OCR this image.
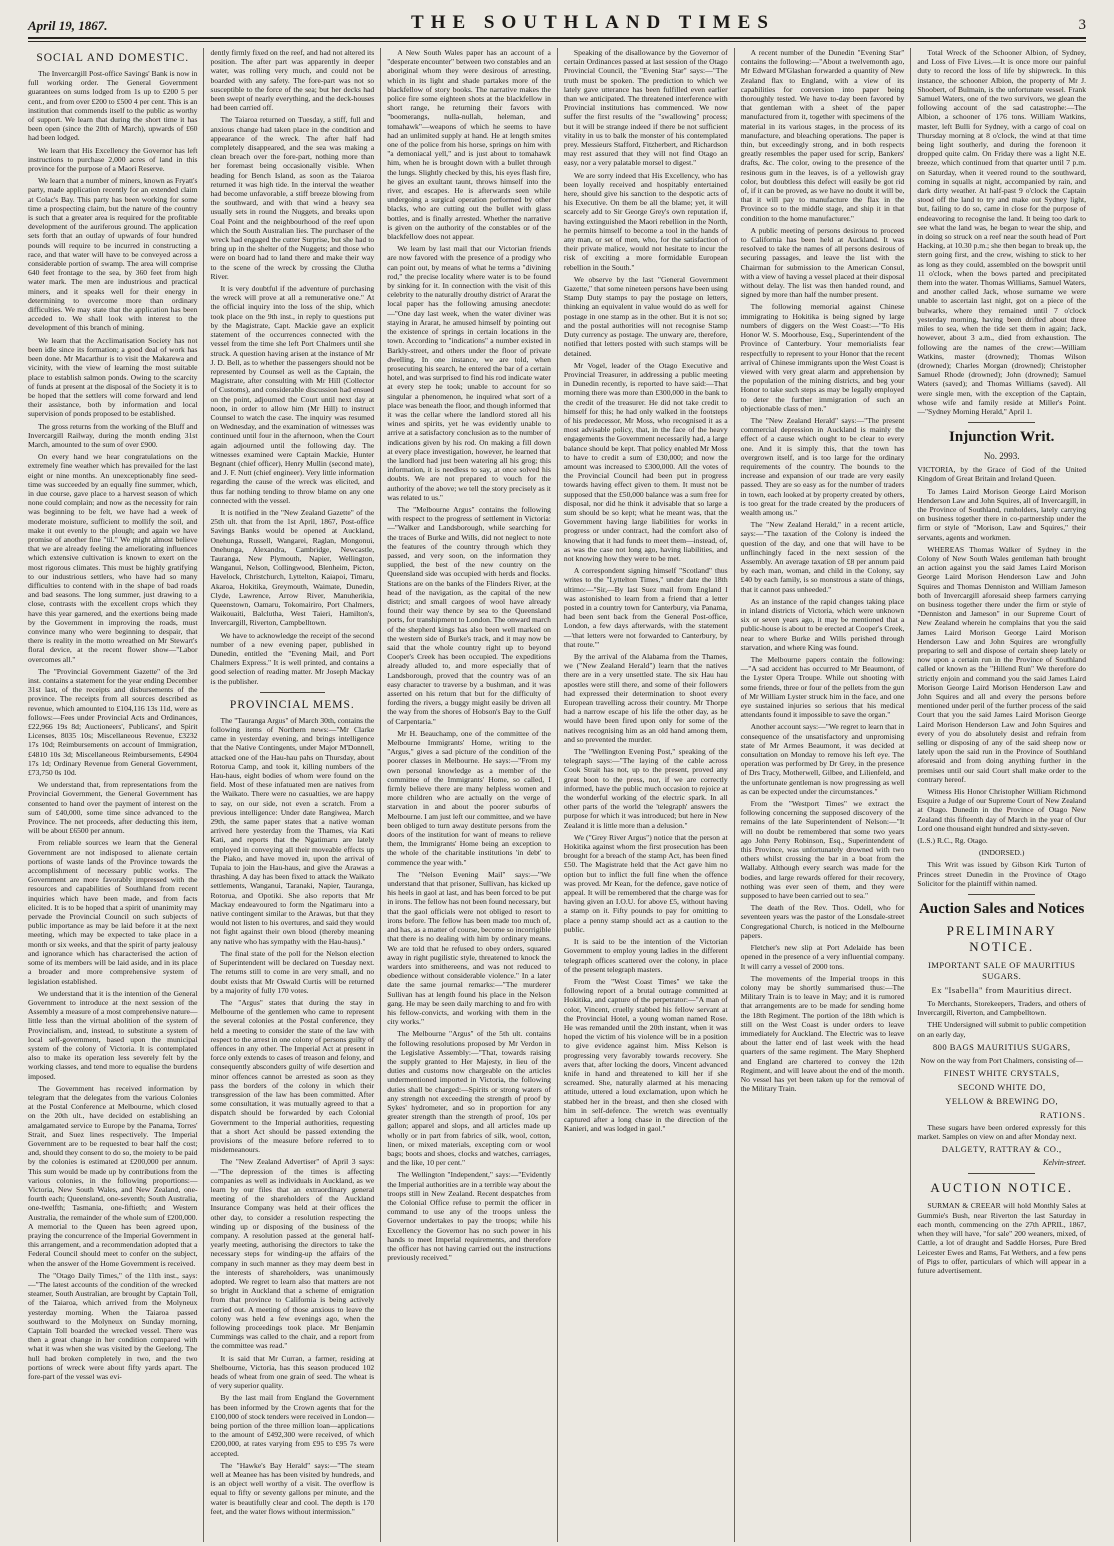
April 19, 1867.	THE SOUTHLAND TIMES	3
SOCIAL AND DOMESTIC.

The Invercargill Post-office Savings' Bank is now in full working order. The General Government guarantees on sums lodged from 1s up to £200 5 per cent., and from over £200 to £500 4 per cent. This is an institution that commends itself to the public as worthy of support. We learn that during the short time it has been open (since the 20th of March), upwards of £60 had been lodged.

We learn that His Excellency the Governor has left instructions to purchase 2,000 acres of land in this province for the purpose of a Maori Reserve.

We learn that a number of miners, known as Fryatt's party, made application recently for an extended claim at Colac's Bay. This party has been working for some time a prospecting claim, but the nature of the country is such that a greater area is required for the profitable development of the auriferous ground. The application sets forth that an outlay of upwards of four hundred pounds will require to be incurred in constructing a race, and that water will have to be conveyed across a considerable portion of swamp. The area will comprise 640 feet frontage to the sea, by 360 feet from high water mark. The men are industrious and practical miners, and it speaks well for their energy in determining to overcome more than ordinary difficulties. We may state that the application has been acceded to. We shall look with interest to the development of this branch of mining.

We learn that the Acclimatisation Society has not been idle since its formation; a good deal of work has been done. Mr Macarthur is to visit the Makarewa and vicinity, with the view of learning the most suitable place to establish salmon ponds. Owing to the scarcity of funds at present at the disposal of the Society it is to be hoped that the settlers will come forward and lend their assistance, both by information and local supervision of ponds proposed to be established.

The gross returns from the working of the Bluff and Invercargill Railway, during the month ending 31st March, amounted to the sum of over £900.

On every hand we hear congratulations on the extremely fine weather which has prevailed for the last eight or nine months. An unexceptionably fine seed-time was succeeded by an equally fine summer, which, in due course, gave place to a harvest season of which none could complain; and now as the necessity for rain was beginning to be felt, we have had a week of moderate moisture, sufficient to mollify the soil, and make it out evenly to the plough; and again we have promise of another fine "til." We might almost believe that we are already feeling the ameliorating influences which extensive cultivation is known to exert on the most rigorous climates. This must be highly gratifying to our industrious settlers, who have had so many difficulties to contend with in the shape of bad roads and bad seasons. The long summer, just drawing to a close, contrasts with the excellent crops which they have this year garnered, and the exertions being made by the Government in improving the roads, must convince many who were beginning to despair, that there is reality in the motto wreathed on Mr Stewart's floral device, at the recent flower show—"Labor overcomes all."

The "Provincial Government Gazette" of the 3rd inst. contains a statement for the year ending December 31st last, of the receipts and disbursements of the province. The receipts from all sources described as revenue, which amounted to £104,116 13s 11d, were as follows:—Fees under Provincial Acts and Ordinances, £22,966 19s 8d; Auctioneers', Publicans', and Spirit Licenses, 8035 10s; Miscellaneous Revenue, £3232 17s 10d; Reimbursements on account of Immigration, £4810 10s 3d; Miscellaneous Reimbursements, £4904 17s 1d; Ordinary Revenue from General Government, £73,750 0s 10d.

We understand that, from representations from the Provincial Government, the General Government has consented to hand over the payment of interest on the sum of £40,000, some time since advanced to the Province. The net proceeds, after deducting this item, will be about £6500 per annum.

From reliable sources we learn that the General Government are not indisposed to alienate certain portions of waste lands of the Province towards the accomplishment of necessary public works. The Government are more favorably impressed with the resources and capabilities of Southland from recent inquiries which have been made, and from facts elicited. It is to be hoped that a spirit of unanimity may pervade the Provincial Council on such subjects of public importance as may be laid before it at the next meeting, which may be expected to take place in a month or six weeks, and that the spirit of party jealousy and ignorance which has characterised the action of some of its members will be laid aside, and in its place a broader and more comprehensive system of legislation established.

We understand that it is the intention of the General Government to introduce at the next session of the Assembly a measure of a most comprehensive nature—little less than the virtual abolition of the system of Provincialism, and, instead, to substitute a system of local self-government, based upon the municipal system of the colony of Victoria. It is contemplated also to make its operation less severely felt by the working classes, and tend more to equalise the burdens imposed.

The Government has received information by telegram that the delegates from the various Colonies at the Postal Conference at Melbourne, which closed on the 20th ult., have decided on establishing an amalgamated service to Europe by the Panama, Torres' Strait, and Suez lines respectively. The Imperial Government are to be requested to bear half the cost; and, should they consent to do so, the moiety to be paid by the colonies is estimated at £200,000 per annum. This sum would be made up by contributions from the various colonies, in the following proportions:—Victoria, New South Wales, and New Zealand, one-fourth each; Queensland, one-seventh; South Australia, one-twelfth; Tasmania, one-fiftieth; and Western Australia, the remainder of the whole sum of £200,000. A memorial to the Queen has been agreed upon, praying the concurrence of the Imperial Government in this arrangement, and a recommendation adopted that a Federal Council should meet to confer on the subject, when the answer of the Home Government is received.

The "Otago Daily Times," of the 11th inst., says:—"The latest accounts of the condition of the wrecked steamer, South Australian, are brought by Captain Toll, of the Taiaroa, which arrived from the Molyneux yesterday morning. When the Taiaroa passed southward to the Molyneux on Sunday morning, Captain Toll boarded the wrecked vessel. There was then a great change in her condition compared with what it was when she was visited by the Geelong. The hull had broken completely in two, and the two portions of wreck were about fifty yards apart. The fore-part of the vessel was evi-

dently firmly fixed on the reef, and had not altered its position. The after part was apparently in deeper water, was rolling very much, and could not be boarded with any safety. The fore-part was not so susceptible to the force of the sea; but her decks had been swept of nearly everything, and the deck-houses had been carried off.

The Taiaroa returned on Tuesday, a stiff, full and anxious change had taken place in the condition and appearance of the wreck. The after half had completely disappeared, and the sea was making a clean breach over the fore-part, nothing more than her foremast being occasionally visible. When heading for Bench Island, as soon as the Taiaroa returned it was high tide. In the interval the weather had become unfavorable, a stiff breeze blowing from the southward, and with that wind a heavy sea usually sets in round the Nuggets, and breaks upon Coal Point and the neighbourhood of the reef upon which the South Australian lies. The purchaser of the wreck had engaged the cutter Surprise, but she had to bring up in the shelter of the Nuggets; and those who were on board had to land there and make their way to the scene of the wreck by crossing the Clutha River.

It is very doubtful if the adventure of purchasing the wreck will prove at all a remunerative one." At the official inquiry into the loss of the ship, which took place on the 9th inst., in reply to questions put by the Magistrate, Capt. Mackie gave an explicit statement of the occurrences connected with the vessel from the time she left Port Chalmers until she struck. A question having arisen at the instance of Mr J. D. Bell, as to whether the passengers should not be represented by Counsel as well as the Captain, the Magistrate, after consulting with Mr Hill (Collector of Customs), and considerable discussion had ensued on the point, adjourned the Court until next day at noon, in order to allow him (Mr Hill) to instruct Counsel to watch the case. The inquiry was resumed on Wednesday, and the examination of witnesses was continued until four in the afternoon, when the Court again adjourned until the following day. The witnesses examined were Captain Mackie, Hunter Begnant (chief officer), Henry Mullin (second mate), and J. F. Nutt (chief engineer). Very little information regarding the cause of the wreck was elicited, and thus far nothing tending to throw blame on any one connected with the vessel.

It is notified in the "New Zealand Gazette" of the 25th ult. that from the 1st April, 1867, Post-office Savings Banks would be opened at Auckland, Onehunga, Russell, Wangarei, Raglan, Mongonui, Onehunga, Alexandra, Cambridge, Newcastle, Tauranga, New Plymouth, Napier, Wellington, Wanganui, Nelson, Collingwood, Blenheim, Picton, Havelock, Christchurch, Lyttelton, Kaiapoi, Timaru, Akaroa, Hokitika, Greymouth, Waimate, Dunedin, Clyde, Lawrence, Arrow River, Manuherikia, Queenstown, Oamaru, Tokomairiro, Port Chalmers, Waikouaiti, Balclutha, West Taieri, Hamilton's, Invercargill, Riverton, Campbelltown.

We have to acknowledge the receipt of the second number of a new evening paper, published in Dunedin, entitled the "Evening Mail, and Port Chalmers Express." It is well printed, and contains a good selection of reading matter. Mr Joseph Mackay is the publisher.

PROVINCIAL MEMS.

The "Tauranga Argus" of March 30th, contains the following items of Northern news:—"Mr Clarke came in yesterday evening, and brings intelligence that the Native Contingents, under Major M'Donnell, attacked one of the Hau-hau pahs on Thursday, about Rotorua Camp, and took it, killing numbers of the Hau-haus, eight bodies of whom were found on the field. Most of these infatuated men are natives from the Waikato. There were no casualties, we are happy to say, on our side, not even a scratch. From a previous intelligence: Under date Rangiwea, March 29th, the same paper states that a native woman arrived here yesterday from the Thames, via Kati Kati, and reports that the Ngatimaru are lately employed in conveying all their moveable effects up the Piako, and have moved in, upon the arrival of Tupaia to join the Hau-haus, and give the Arawas a thrashing. A day has been fixed to attack the Waikato settlements, Wanganui, Taranaki, Napier, Tauranga, Rotorua, and Opotiki. She also reports that Mr Mackay endeavoured to form the Ngatimaru into a native contingent similar to the Arawas, but that they would not listen to his overtures, and said they would not fight against their own blood (thereby meaning any native who has sympathy with the Hau-haus)."

The final state of the poll for the Nelson election of Superintendent will be declared on Tuesday next. The returns still to come in are very small, and no doubt exists that Mr Oswald Curtis will be returned by a majority of fully 170 votes.

The "Argus" states that during the stay in Melbourne of the gentlemen who came to represent the several colonies at the Postal conference, they held a meeting to consider the state of the law with respect to the arrest in one colony of persons guilty of offences in any other. The Imperial Act at present in force only extends to cases of treason and felony, and consequently absconders guilty of wife desertion and minor offences cannot be arrested as soon as they pass the borders of the colony in which their transgression of the law has been committed. After some consultation, it was mutually agreed to that a dispatch should be forwarded by each Colonial Government to the Imperial authorities, requesting that a short Act should be passed extending the provisions of the measure before referred to to misdemeanours.

The "New Zealand Advertiser" of April 3 says:—"The depression of the times is affecting companies as well as individuals in Auckland, as we learn by our files that an extraordinary general meeting of the shareholders of the Auckland Insurance Company was held at their offices the other day, to consider a resolution respecting the winding up or disposing of the business of the company. A resolution passed at the general half-yearly meeting, authorising the directors to take the necessary steps for winding-up the affairs of the company in such manner as they may deem best in the interests of shareholders, was unanimously adopted. We regret to learn also that matters are not so bright in Auckland that a scheme of emigration from that province to California is being actively carried out. A meeting of those anxious to leave the colony was held a few evenings ago, when the following proceedings took place. Mr Benjamin Cummings was called to the chair, and a report from the committee was read."

It is said that Mr Curran, a farmer, residing at Shelbourne, Victoria, has this season produced 102 heads of wheat from one grain of seed. The wheat is of very superior quality.

By the last mail from England the Government has been informed by the Crown agents that for the £100,000 of stock tenders were received in London—being portion of the three million loan—applications to the amount of £492,300 were received, of which £200,000, at rates varying from £95 to £95 7s were accepted.

The "Hawke's Bay Herald" says:—"The steam well at Meanee has has been visited by hundreds, and is an object well worthy of a visit. The overflow is equal to fifty or seventy gallons per minute, and the water is beautifully clear and cool. The depth is 170 feet, and the water flows without intermission."

A New South Wales paper has an account of a "desperate encounter" between two constables and an aboriginal whom they were desirous of arresting, which in its light and shade partakes more of the blackfellow of story books. The narrative makes the police fire some eighteen shots at the blackfellow in short range, he returning their favors with "boomerangs, nulla-nullah, heleman, and tomahawk"—weapons of which he seems to have had an unlimited supply at hand. He at length smites one of the police from his horse, springs on him with "a demoniacal yell," and is just about to tomahawk him, when he is brought down with a bullet through the lungs. Slightly checked by this, his eyes flash fire, he gives an exultant taunt, throws himself into the river, and escapes. He is afterwards seen while undergoing a surgical operation performed by other blacks, who are cutting out the bullet with glass bottles, and is finally arrested. Whether the narrative is given on the authority of the constables or of the blackfellow does not appear.

We learn by last mail that our Victorian friends are now favored with the presence of a prodigy who can point out, by means of what he terms a "divining rod," the precise locality where water is to be found by sinking for it. In connection with the visit of this celebrity to the naturally drouthy district of Ararat the local paper has the following amusing anecdote:—"One day last week, when the water diviner was staying in Ararat, he amused himself by pointing out the existence of springs in certain locations in the town. According to "indications" a number existed in Barkly-street, and others under the floor of private dwelling. In one instance, we are told, when prosecuting his search, he entered the bar of a certain hotel, and was surprised to find his rod indicate water at every step he took; unable to account for so singular a phenomenon, he inquired what sort of a place was beneath the floor, and though informed that it was the cellar where the landlord stored all his wines and spirits, yet he was evidently unable to arrive at a satisfactory conclusion as to the number of indications given by his rod. On making a fill down at every place investigation, however, he learned that the landlord had just been watering all his grog; this information, it is needless to say, at once solved his doubts. We are not prepared to vouch for the authority of the above; we tell the story precisely as it was related to us."

The "Melbourne Argus" contains the following with respect to the progress of settlement in Victoria:—"Walker and Landsborough, while searching for the traces of Burke and Wills, did not neglect to note the features of the country through which they passed, and very soon, on the information they supplied, the best of the new country on the Queensland side was occupied with herds and flocks. Stations are on the banks of the Flinders River, at the head of the navigation, as the capital of the new district; and small cargoes of wool have already found their way thence by sea to the Queensland ports, for transhipment to London. The onward march of the shepherd kings has also been well marked on the western side of Burke's track, and it may now be said that the whole country right up to beyond Cooper's Creek has been occupied. The expeditions already alluded to, and more especially that of Landsborough, proved that the country was of an easy character to traverse by a bushman, and it was asserted on his return that but for the difficulty of fording the rivers, a buggy might easily be driven all the way from the shores of Hobson's Bay to the Gulf of Carpentaria."

Mr H. Beauchamp, one of the committee of the Melbourne Immigrants' Home, writing to the "Argus," gives a sad picture of the condition of the poorer classes in Melbourne. He says:—"From my own personal knowledge as a member of the committee of the Immigrants' Home, so called, I firmly believe there are many helpless women and more children who are actually on the verge of starvation in and about the poorer suburbs of Melbourne. I am just left our committee, and we have been obliged to turn away destitute persons from the doors of the institution for want of means to relieve them, the Immigrants' Home being an exception to the whole of the charitable institutions 'in debt' to commence the year with."

The "Nelson Evening Mail" says:—"We understand that that prisoner, Sullivan, has kicked up his heels in gaol at last, and has been forced to be put in irons. The fellow has not been found necessary, but that the gaol officials were not obliged to resort to irons before. The fellow has been made too much of, and has, as a matter of course, become so incorrigible that there is no dealing with him by ordinary means. We are told that he refused to obey orders, squared away in right pugilistic style, threatened to knock the warders into smithereens, and was not reduced to obedience without considerable violence." In a later date the same journal remarks:—"The murderer Sullivan has at length found his place in the Nelson gang. He may be seen daily marching to and fro with his fellow-convicts, and working with them in the city works."

The Melbourne "Argus" of the 5th ult. contains the following resolutions proposed by Mr Verdon in the Legislative Assembly:—"That, towards raising the supply granted to Her Majesty, in lieu of the duties and customs now chargeable on the articles undermentioned imported in Victoria, the following duties shall be charged:—Spirits or strong waters of any strength not exceeding the strength of proof by Sykes' hydrometer, and so in proportion for any greater strength than the strength of proof, 10s per gallon; apparel and slops, and all articles made up wholly or in part from fabrics of silk, wool, cotton, linen, or mixed materials, excepting corn or wool bags; boots and shoes, clocks and watches, carriages, and the like, 10 per cent."

The Wellington "Independent," says:—"Evidently the Imperial authorities are in a terrible way about the troops still in New Zealand. Recent despatches from the Colonial Office refuse to permit the officer in command to use any of the troops unless the Governor undertakes to pay the troops; while his Excellency the Governor has no such power in his hands to meet Imperial requirements, and therefore the officer has not having carried out the instructions previously received."

Speaking of the disallowance by the Governor of certain Ordinances passed at last session of the Otago Provincial Council, the "Evening Star" says:—"The truth must be spoken. The prediction to which we lately gave utterance has been fulfilled even earlier than we anticipated. The threatened interference with Provincial institutions has commenced. We now suffer the first results of the "swallowing" process; but it will be strange indeed if there be not sufficient vitality in us to balk the monster of his contemplated prey. Messieurs Stafford, Fitzherbert, and Richardson may rest assured that they will not find Otago an easy, nor a very palatable morsel to digest."

We are sorry indeed that His Excellency, who has been loyally received and hospitably entertained here, should give his sanction to the despotic acts of his Executive. On them be all the blame; yet, it will scarcely add to Sir George Grey's own reputation if, having extinguished the Maori rebellion in the North, he permits himself to become a tool in the hands of any man, or set of men, who, for the satisfaction of their private malice, would not hesitate to incur the risk of exciting a more formidable European rebellion in the South."

We observe by the last "General Government Gazette," that some nineteen persons have been using Stamp Duty stamps to pay the postage on letters, thinking an equivalent in value would do as well for postage in one stamp as in the other. But it is not so; and the postal authorities will not recognise Stamp Duty currency as postage. The unwary are, therefore, notified that letters posted with such stamps will be detained.

Mr Vogel, leader of the Otago Executive and Provincial Treasurer, in addressing a public meeting in Dunedin recently, is reported to have said:—That morning there was more than £300,000 in the bank to the credit of the treasurer. He did not take credit to himself for this; he had only walked in the footsteps of his predecessor, Mr Moss, who recognised it as a most advisable policy, that, in the face of the heavy engagements the Government necessarily had, a large balance should be kept. That policy enabled Mr Moss to have to credit a sum of £30,000; and now the amount was increased to £300,000. All the votes of the Provincial Council had been put in progress towards having effect given to them. It must not be supposed that the £50,000 balance was a sum free for disposal, nor did he think it advisable that so large a sum should be so kept; what he meant was, that the Government having large liabilities for works in progress or under contract, had the comfort also of knowing that it had funds to meet them—instead, of, as was the case not long ago, having liabilities, and not knowing how they were to be met.

A correspondent signing himself "Scotland" thus writes to the "Lyttelton Times," under date the 18th ultimo:—"Sir,—By last Suez mail from England I was astonished to learn from a friend that a letter posted in a country town for Canterbury, via Panama, had been sent back from the General Post-office, London, a few days afterwards, with the statement—'that letters were not forwarded to Canterbury, by that route.'"

By the arrival of the Alabama from the Thames, we ("New Zealand Herald") learn that the natives there are in a very unsettled state. The six Hau hau apostles were still there, and some of their followers had expressed their determination to shoot every European travelling across their country. Mr Thorpe had a narrow escape of his life the other day, as he would have been fired upon only for some of the natives recognising him as an old hand among them, and so prevented the murder.

The "Wellington Evening Post," speaking of the telegraph says:—"The laying of the cable across Cook Strait has not, up to the present, proved any great boon to the press, nor, if we are correctly informed, have the public much occasion to rejoice at the wonderful working of the electric spark. In all other parts of the world the 'telegraph' answers the purpose for which it was introduced; but here in New Zealand it is little more than a delusion."

We ("Grey River Argus") notice that the person at Hokitika against whom the first prosecution has been brought for a breach of the stamp Act, has been fined £50. The Magistrate held that the Act gave him no option but to inflict the full fine when the offence was proved. Mr Kean, for the defence, gave notice of appeal. It will be remembered that the charge was for having given an I.O.U. for above £5, without having a stamp on it. Fifty pounds to pay for omitting to place a penny stamp should act as a caution to the public.

It is said to be the intention of the Victorian Government to employ young ladies in the different telegraph offices scattered over the colony, in place of the present telegraph masters.

From the "West Coast Times" we take the following report of a brutal outrage committed at Hokitika, and capture of the perpetrator:—"A man of color, Vincent, cruelly stabbed his fellow servant at the Provincial Hotel, a young woman named Rose. He was remanded until the 20th instant, when it was hoped the victim of his violence will be in a position to give evidence against him. Miss Kelson is progressing very favorably towards recovery. She avers that, after locking the doors, Vincent advanced knife in hand and threatened to kill her if she screamed. She, naturally alarmed at his menacing attitude, uttered a loud exclamation, upon which he stabbed her in the breast, and then she closed with him in self-defence. The wretch was eventually captured after a long chase in the direction of the Kanieri, and was lodged in gaol."

A recent number of the Dunedin "Evening Star" contains the following:—"About a twelvemonth ago, Mr Edward M'Glashan forwarded a quantity of New Zealand flax to England, with a view of its capabilities for conversion into paper being thoroughly tested. We have to-day been favored by that gentleman with a sheet of the paper manufactured from it, together with specimens of the material in its various stages, in the process of its manufacture, and bleaching operations. The paper is thin, but exceedingly strong, and in both respects greatly resembles the paper used for scrip, Bankers' drafts, &c. The color, owing to the presence of the resinous gum in the leaves, is of a yellowish gray color, but doubtless this defect will easily be got rid of, if it can be proved, as we have no doubt it will be, that it will pay to manufacture the flax in the Province so to the middle stage, and ship it in that condition to the home manufacturer."

A public meeting of persons desirous to proceed to California has been held at Auckland. It was resolved to take the names of all persons desirous of securing passages, and leave the list with the Chairman for submission to the American Consul, with a view of having a vessel placed at their disposal without delay. The list was then handed round, and signed by more than half the number present.

The following memorial against Chinese immigrating to Hokitika is being signed by large numbers of diggers on the West Coast:—"To His Honor W. S. Moorhouse, Esq., Superintendent of the Province of Canterbury. Your memorialists fear respectfully to represent to your Honor that the recent arrival of Chinese immigrants upon the West Coast is viewed with very great alarm and apprehension by the population of the mining districts, and beg your Honor to take such steps as may be legally employed to deter the further immigration of such an objectionable class of men."

The "New Zealand Herald" says:—"The present commercial depression in Auckland is mainly the effect of a cause which ought to be clear to every one. And it is simply this, that the town has overgrown itself, and is too large for the ordinary requirements of the country. The bounds to the increase and expansion of our trade are very easily passed. They are so easy as for the number of traders in town, each looked at by property created by others, is too great for the trade created by the producers of wealth among us."

The "New Zealand Herald," in a recent article, says:—"The taxation of the Colony is indeed the question of the day, and one that will have to be unflinchingly faced in the next session of the Assembly. An average taxation of £8 per annum paid by each man, woman, and child in the Colony, say £40 by each family, is so monstrous a state of things, that it cannot pass unheeded."

As an instance of the rapid changes taking place in inland districts of Victoria, which were unknown six or seven years ago, it may be mentioned that a public-house is about to be erected at Cooper's Creek, near to where Burke and Wills perished through starvation, and where King was found.

The Melbourne papers contain the following:—"A sad accident has occurred to Mr Beaumont, of the Lyster Opera Troupe. While out shooting with some friends, three or four of the pellets from the gun of Mr William Lyster struck him in the face, and one eye sustained injuries so serious that his medical attendants found it impossible to save the organ."

Another account says:—"We regret to learn that in consequence of the unsatisfactory and unpromising state of Mr Armes Beaumont, it was decided at consultation on Monday to remove his left eye. The operation was performed by Dr Grey, in the presence of Drs Tracy, Motherwell, Gilbee, and Lilienfeld, and the unfortunate gentleman is now progressing as well as can be expected under the circumstances."

From the "Westport Times" we extract the following concerning the supposed discovery of the remains of the late Superintendent of Nelson:—"It will no doubt be remembered that some two years ago John Perry Robinson, Esq., Superintendent of this Province, was unfortunately drowned with two others whilst crossing the bar in a boat from the Wallaby. Although every search was made for the bodies, and large rewards offered for their recovery, nothing was ever seen of them, and they were supposed to have been carried out to sea."

The death of the Rev. Thos. Odell, who for seventeen years was the pastor of the Lonsdale-street Congregational Church, is noticed in the Melbourne papers.

Fletcher's new slip at Port Adelaide has been opened in the presence of a very influential company. It will carry a vessel of 2000 tons.

The movements of the Imperial troops in this colony may be shortly summarised thus:—The Military Train is to leave in May; and it is rumored that arrangements are to be made for sending home the 18th Regiment. The portion of the 18th which is still on the West Coast is under orders to leave immediately for Auckland. The Electric was to leave about the latter end of last week with the head quarters of the same regiment. The Mary Shepherd and England are chartered to convey the 12th Regiment, and will leave about the end of the month. No vessel has yet been taken up for the removal of the Military Train.

Total Wreck of the Schooner Albion, of Sydney, and Loss of Five Lives.—It is once more our painful duty to record the loss of life by shipwreck. In this instance, the schooner Albion, the property of Mr J. Shoobert, of Bulmain, is the unfortunate vessel. Frank Samuel Waters, one of the two survivors, we glean the following account of the sad catastrophe:—The Albion, a schooner of 176 tons. William Watkins, master, left Bulli for Sydney, with a cargo of coal on Thursday morning at 8 o'clock, the wind at that time being light southerly, and during the forenoon it dropped quite calm. On Friday there was a light N.E. breeze, which continued from that quarter until 7 p.m. on Saturday, when it veered round to the southward, coming in squalls at night, accompanied by rain, and dark dirty weather. At half-past 9 o'clock the Captain stood off the land to try and make out Sydney light, but, failing to do so, came in close for the purpose of endeavoring to recognise the land. It being too dark to see what the land was, he began to wear the ship, and in doing so struck on a reef near the south head of Port Hacking, at 10.30 p.m.; she then began to break up, the stern going first, and the crew, wishing to stick to her as long as they could, assembled on the bowsprit until 11 o'clock, when the bows parted and precipitated them into the water. Thomas Williams, Samuel Waters, and another called Jack, whose surname we were unable to ascertain last night, got on a piece of the bulwarks, where they remained until 7 o'clock yesterday morning, having been drifted about three miles to sea, when the tide set them in again; Jack, however, about 3 a.m., died from exhaustion. The following are the names of the crew:—William Watkins, master (drowned); Thomas Wilson (drowned); Charles Morgan (drowned); Christopher Samuel Rhode (drowned); John (drowned); Samuel Waters (saved); and Thomas Williams (saved). All were single men, with the exception of the Captain, whose wife and family reside at Miller's Point.—"Sydney Morning Herald," April 1.

Injunction Writ.
No. 2993.

VICTORIA, by the Grace of God of the United Kingdom of Great Britain and Ireland Queen.

To James Laird Morison George Laird Morison Henderson Law and John Squires, all of Invercargill, in the Province of Southland, runholders, lately carrying on business together there in co-partnership under the firm or style of "Morison, Law and Squires," their servants, agents and workmen.

WHEREAS Thomas Walker of Sydney in the Colony of New South Wales gentleman hath brought an action against you the said James Laird Morison George Laird Morison Henderson Law and John Squires and Thomas Denniston and William Jameson both of Invercargill aforesaid sheep farmers carrying on business together there under the firm or style of "Denniston and Jameson" in our Supreme Court of New Zealand wherein he complains that you the said James Laird Morison George Laird Morison Henderson Law and John Squires are wrongfully preparing to sell and dispose of certain sheep lately or now upon a certain run in the Province of Southland called or known as the "Hillend Run" We therefore do strictly enjoin and command you the said James Laird Morison George Laird Morison Henderson Law and John Squires and all and every the persons before mentioned under peril of the further process of the said Court that you the said James Laird Morison George Laird Morison Henderson Law and John Squires and every of you do absolutely desist and refrain from selling or disposing of any of the said sheep now or lately upon the said run in the Province of Southland aforesaid and from doing anything further in the premises until our said Court shall make order to the contrary hereof.

Witness His Honor Christopher William Richmond Esquire a Judge of our Supreme Court of New Zealand at Otago. Dunedin in the Province of Otago New Zealand this fifteenth day of March in the year of Our Lord one thousand eight hundred and sixty-seven.

(L.S.) R.C., Rg. Otago.

(INDORSED.)

This Writ was issued by Gibson Kirk Turton of Princes street Dunedin in the Province of Otago Solicitor for the plaintiff within named.

Auction Sales and Notices
PRELIMINARY NOTICE.
IMPORTANT SALE OF MAURITIUS SUGARS.
Ex "Isabella" from Mauritius direct.

To Merchants, Storekeepers, Traders, and others of Invercargill, Riverton, and Campbelltown.

THE Undersigned will submit to public competition on an early day,

800 BAGS MAURITIUS SUGARS,

Now on the way from Port Chalmers, consisting of—

FINEST WHITE CRYSTALS,
SECOND WHITE DO,
YELLOW & BREWING DO,
RATIONS.

These sugars have been ordered expressly for this market. Samples on view on and after Monday next.

DALGETY, RATTRAY & CO.,
Kelvin-street.
AUCTION NOTICE.

SURMAN & CREEAR will hold Monthly Sales at Gummie's Bush, near Riverton the last Saturday in each month, commencing on the 27th APRIL, 1867, when they will have, "for sale" 200 weaners, mixed, of Cattle, a lot of draught and Saddle Horses, Pure Bred Leicester Ewes and Rams, Fat Wethers, and a few pens of Pigs to offer, particulars of which will appear in a future advertisement.
